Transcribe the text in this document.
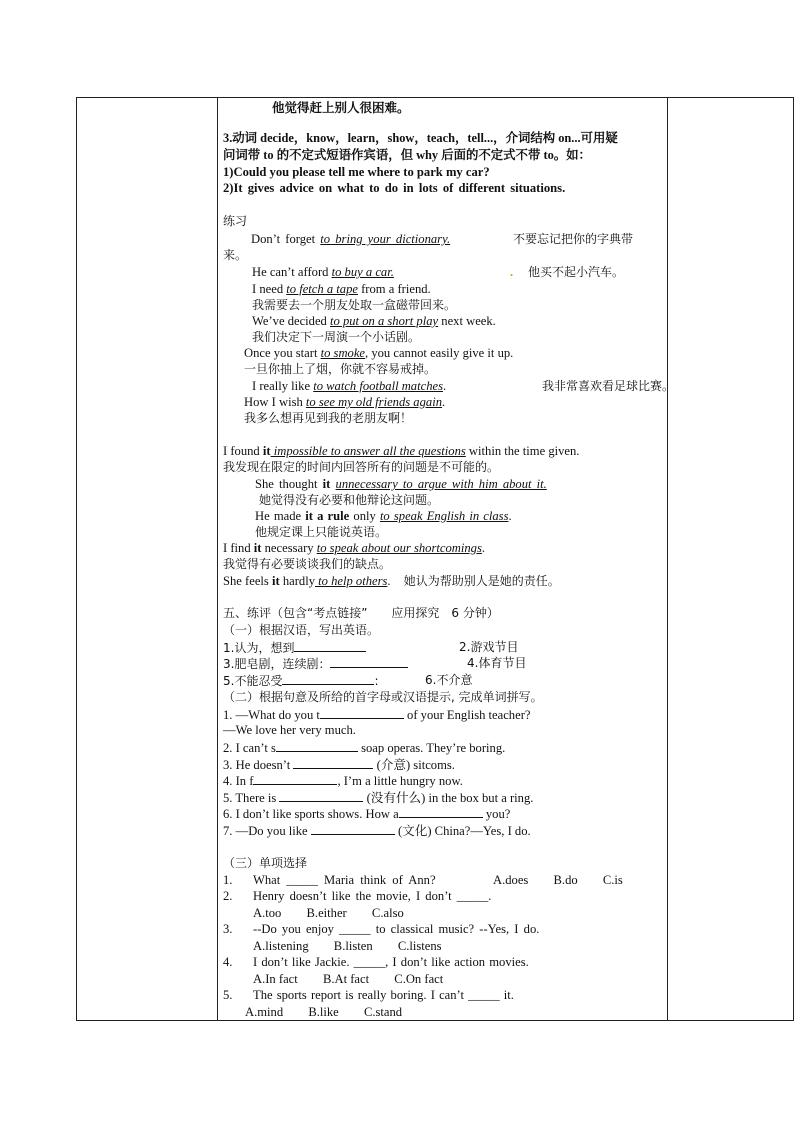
他觉得赶上别人很困难。
3.动词 decide，know，learn，show，teach，tell...，介词结构 on...可用疑
问词带 to 的不定式短语作宾语，但 why 后面的不定式不带 to。如：
1)Could you please tell me where to park my car?
2)It gives advice on what to do in lots of different situations.
练习
Don’t forget to bring your dictionary.	不要忘记把你的字典带
来。
He can’t afford to buy a car.	. 他买不起小汽车。
I need to fetch a tape from a friend.
我需要去一个朋友处取一盒磁带回来。
We’ve decided to put on a short play next week.
我们决定下一周演一个小话剧。
Once you start to smoke, you cannot easily give it up.
一旦你抽上了烟，你就不容易戒掉。
I really like to watch football matches.	我非常喜欢看足球比赛。
How I wish to see my old friends again.
我多么想再见到我的老朋友啊！
I found it impossible to answer all the questions within the time given.
我发现在限定的时间内回答所有的问题是不可能的。
She thought it unnecessary to argue with him about it.
她觉得没有必要和他辩论这问题。
He made it a rule only to speak English in class.
他规定课上只能说英语。
I find it necessary to speak about our shortcomings.
我觉得有必要谈谈我们的缺点。
She feels it hardly to help others. 她认为帮助别人是她的责任。
五、练评（包含“考点链接”　　应用探究　6 分钟）
（一）根据汉语，写出英语。
1.认为，想到	2.游戏节目
3.肥皂剧，连续剧：	4.体育节目
5.不能忍受	:	6.不介意
（二）根据句意及所给的首字母或汉语提示, 完成单词拼写。
1. —What do you t	of your English teacher?
—We love her very much.
2. I can’t s	soap operas. They’re boring.
3. He doesn’t	(介意) sitcoms.
4. In f	, I’m a little hungry now.
5. There is	(没有什么) in the box but a ring.
6. I don’t like sports shows. How a	you?
7. —Do you like	(文化) China?—Yes, I do.
（三）单项选择
1. What _____ Maria think of Ann?	A.does　　B.do　　C.is
2. Henry doesn’t like the movie, I don’t _____.
A.too　　B.either　　C.also
3. --Do you enjoy _____ to classical music? --Yes, I do.
A.listening　　B.listen　　C.listens
4. I don’t like Jackie. _____, I don’t like action movies.
A.In fact　　B.At fact　　C.On fact
5. The sports report is really boring. I can’t _____ it.
A.mind　　B.like　　C.stand
